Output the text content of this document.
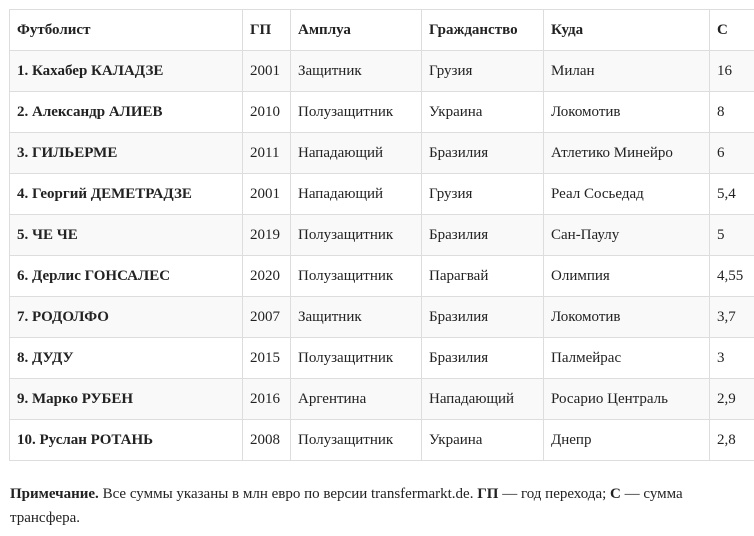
Футболист	ГП	Амплуа	Гражданство	Куда	С
1. Кахабер КАЛАДЗЕ	2001	Защитник	Грузия	Милан	16
2. Александр АЛИЕВ	2010	Полузащитник	Украина	Локомотив	8
3. ГИЛЬЕРМЕ	2011	Нападающий	Бразилия	Атлетико Минейро	6
4. Георгий ДЕМЕТРАДЗЕ	2001	Нападающий	Грузия	Реал Сосьедад	5,4
5. ЧЕ ЧЕ	2019	Полузащитник	Бразилия	Сан-Паулу	5
6. Дерлис ГОНСАЛЕС	2020	Полузащитник	Парагвай	Олимпия	4,55
7. РОДОЛФО	2007	Защитник	Бразилия	Локомотив	3,7
8. ДУДУ	2015	Полузащитник	Бразилия	Палмейрас	3
9. Марко РУБЕН	2016	Аргентина	Нападающий	Росарио Централь	2,9
10. Руслан РОТАНЬ	2008	Полузащитник	Украина	Днепр	2,8
Примечание. Все суммы указаны в млн евро по версии transfermarkt.de. ГП — год перехода; С — сумма трансфера.
